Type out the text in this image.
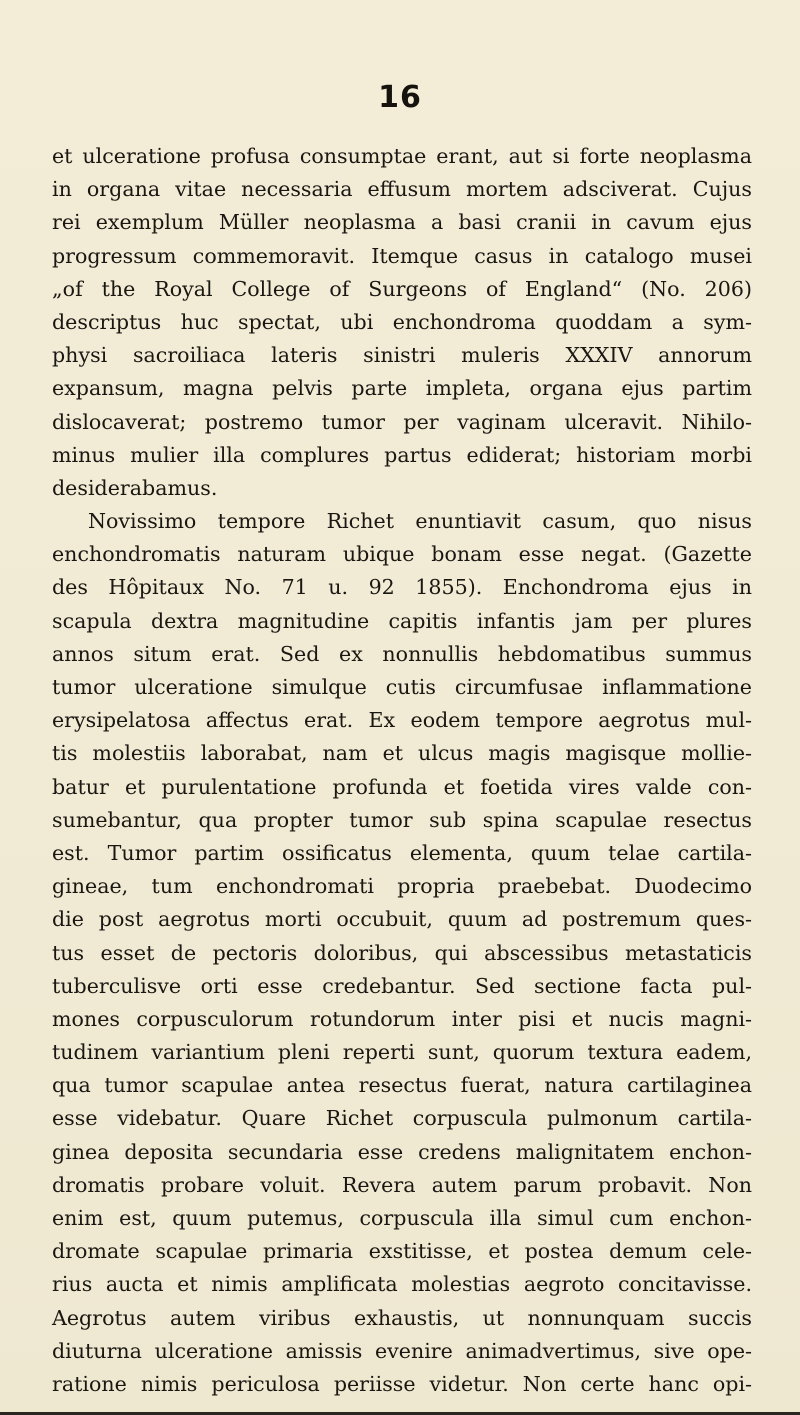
16
et ulceratione profusa consumptae erant, aut si forte neoplasma
in organa vitae necessaria effusum mortem adsciverat. Cujus
rei exemplum Müller neoplasma a basi cranii in cavum ejus
progressum commemoravit. Itemque casus in catalogo musei
„of the Royal College of Surgeons of England“ (No. 206)
descriptus huc spectat, ubi enchondroma quoddam a sym-
physi sacroiliaca lateris sinistri muleris XXXIV annorum
expansum, magna pelvis parte impleta, organa ejus partim
dislocaverat; postremo tumor per vaginam ulceravit. Nihilo-
minus mulier illa complures partus ediderat; historiam morbi
desiderabamus.
Novissimo tempore Richet enuntiavit casum, quo nisus
enchondromatis naturam ubique bonam esse negat. (Gazette
des Hôpitaux No. 71 u. 92 1855). Enchondroma ejus in
scapula dextra magnitudine capitis infantis jam per plures
annos situm erat. Sed ex nonnullis hebdomatibus summus
tumor ulceratione simulque cutis circumfusae inflammatione
erysipelatosa affectus erat. Ex eodem tempore aegrotus mul-
tis molestiis laborabat, nam et ulcus magis magisque mollie-
batur et purulentatione profunda et foetida vires valde con-
sumebantur, qua propter tumor sub spina scapulae resectus
est. Tumor partim ossificatus elementa, quum telae cartila-
gineae, tum enchondromati propria praebebat. Duodecimo
die post aegrotus morti occubuit, quum ad postremum ques-
tus esset de pectoris doloribus, qui abscessibus metastaticis
tuberculisve orti esse credebantur. Sed sectione facta pul-
mones corpusculorum rotundorum inter pisi et nucis magni-
tudinem variantium pleni reperti sunt, quorum textura eadem,
qua tumor scapulae antea resectus fuerat, natura cartilaginea
esse videbatur. Quare Richet corpuscula pulmonum cartila-
ginea deposita secundaria esse credens malignitatem enchon-
dromatis probare voluit. Revera autem parum probavit. Non
enim est, quum putemus, corpuscula illa simul cum enchon-
dromate scapulae primaria exstitisse, et postea demum cele-
rius aucta et nimis amplificata molestias aegroto concitavisse.
Aegrotus autem viribus exhaustis, ut nonnunquam succis
diuturna ulceratione amissis evenire animadvertimus, sive ope-
ratione nimis periculosa periisse videtur. Non certe hanc opi-
